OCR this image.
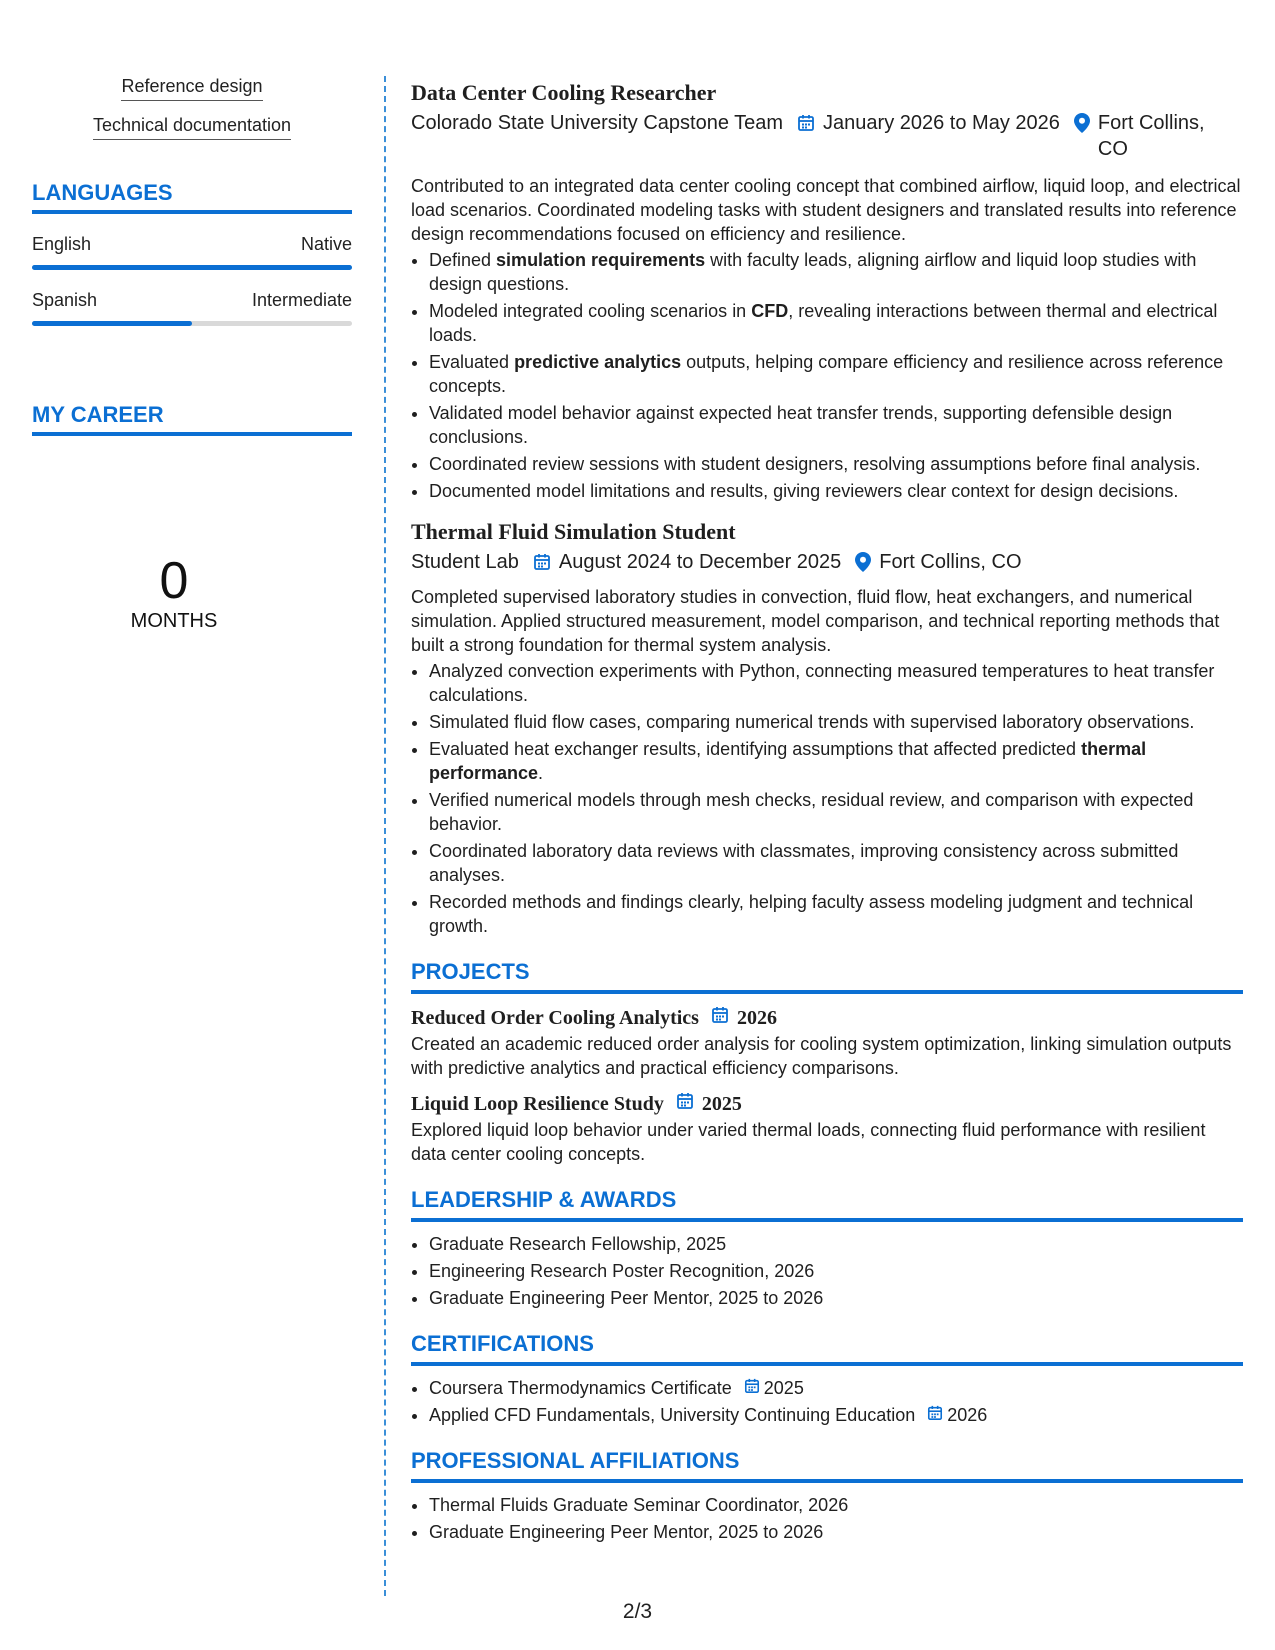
Reference design
Technical documentation
LANGUAGES
English	Native
Spanish	Intermediate
MY CAREER
0
MONTHS
Data Center Cooling Researcher
Colorado State University Capstone Team January 2026 to May 2026 Fort Collins,
CO
Contributed to an integrated data center cooling concept that combined airflow, liquid loop, and electrical load scenarios. Coordinated modeling tasks with student designers and translated results into reference design recommendations focused on efficiency and resilience.
• Defined simulation requirements with faculty leads, aligning airflow and liquid loop studies with design questions.
• Modeled integrated cooling scenarios in CFD, revealing interactions between thermal and electrical loads.
• Evaluated predictive analytics outputs, helping compare efficiency and resilience across reference concepts.
• Validated model behavior against expected heat transfer trends, supporting defensible design conclusions.
• Coordinated review sessions with student designers, resolving assumptions before final analysis.
• Documented model limitations and results, giving reviewers clear context for design decisions.
Thermal Fluid Simulation Student
Student Lab August 2024 to December 2025 Fort Collins, CO
Completed supervised laboratory studies in convection, fluid flow, heat exchangers, and numerical simulation. Applied structured measurement, model comparison, and technical reporting methods that built a strong foundation for thermal system analysis.
• Analyzed convection experiments with Python, connecting measured temperatures to heat transfer calculations.
• Simulated fluid flow cases, comparing numerical trends with supervised laboratory observations.
• Evaluated heat exchanger results, identifying assumptions that affected predicted thermal performance.
• Verified numerical models through mesh checks, residual review, and comparison with expected behavior.
• Coordinated laboratory data reviews with classmates, improving consistency across submitted analyses.
• Recorded methods and findings clearly, helping faculty assess modeling judgment and technical growth.
PROJECTS
Reduced Order Cooling Analytics 2026
Created an academic reduced order analysis for cooling system optimization, linking simulation outputs with predictive analytics and practical efficiency comparisons.
Liquid Loop Resilience Study 2025
Explored liquid loop behavior under varied thermal loads, connecting fluid performance with resilient data center cooling concepts.
LEADERSHIP & AWARDS
• Graduate Research Fellowship, 2025
• Engineering Research Poster Recognition, 2026
• Graduate Engineering Peer Mentor, 2025 to 2026
CERTIFICATIONS
• Coursera Thermodynamics Certificate 2025
• Applied CFD Fundamentals, University Continuing Education 2026
PROFESSIONAL AFFILIATIONS
• Thermal Fluids Graduate Seminar Coordinator, 2026
• Graduate Engineering Peer Mentor, 2025 to 2026
2/3
